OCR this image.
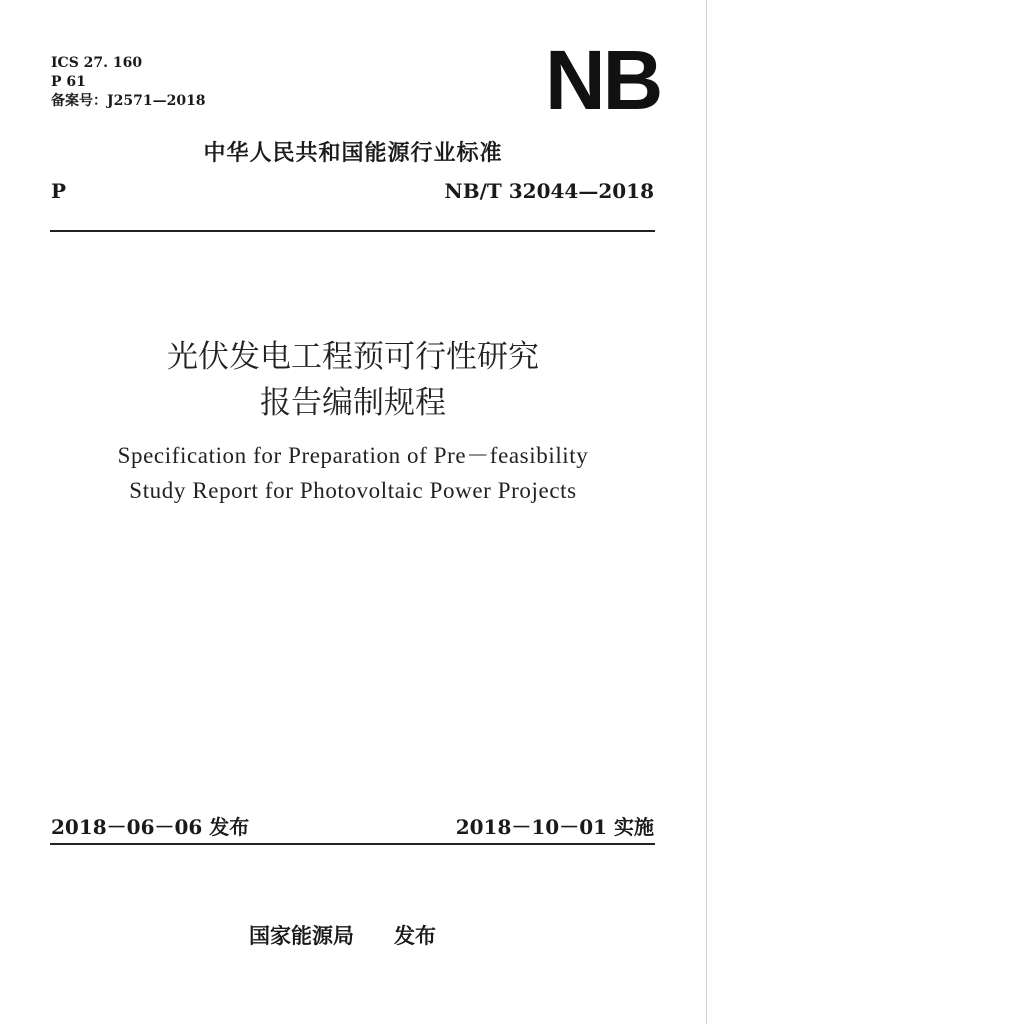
ICS 27. 160
P 61
备案号：J2571—2018	NB
中华人民共和国能源行业标准
P	NB/T 32044—2018
光伏发电工程预可行性研究
报告编制规程
Specification for Preparation of Pre－feasibility
Study Report for Photovoltaic Power Projects
2018－06－06 发布	2018－10－01 实施
国家能源局 发布
